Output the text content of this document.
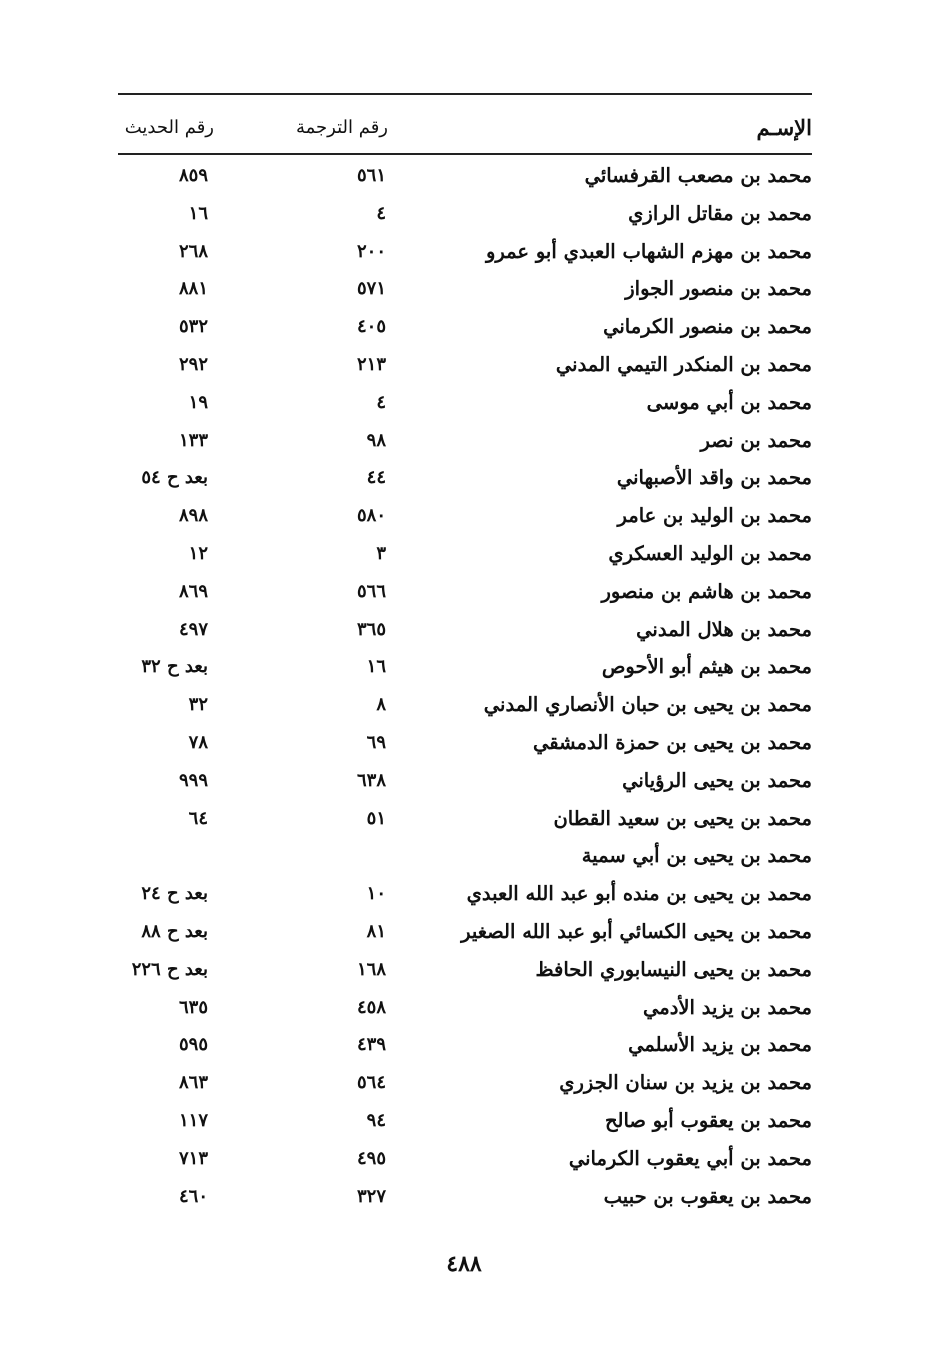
الإسـم
رقم الترجمة
رقم الحديث
محمد بن مصعب القرفسائي
٥٦١
٨٥٩
محمد بن مقاتل الرازي
٤
١٦
محمد بن مهزم الشهاب العبدي أبو عمرو
٢٠٠
٢٦٨
محمد بن منصور الجواز
٥٧١
٨٨١
محمد بن منصور الكرماني
٤٠٥
٥٣٢
محمد بن المنكدر التيمي المدني
٢١٣
٢٩٢
محمد بن أبي موسى
٤
١٩
محمد بن نصر
٩٨
١٣٣
محمد بن واقد الأصبهاني
٤٤
بعد ح ٥٤
محمد بن الوليد بن عامر
٥٨٠
٨٩٨
محمد بن الوليد العسكري
٣
١٢
محمد بن هاشم بن منصور
٥٦٦
٨٦٩
محمد بن هلال المدني
٣٦٥
٤٩٧
محمد بن هيثم أبو الأحوص
١٦
بعد ح ٣٢
محمد بن يحيى بن حبان الأنصاري المدني
٨
٣٢
محمد بن يحيى بن حمزة الدمشقي
٦٩
٧٨
محمد بن يحيى الرؤياني
٦٣٨
٩٩٩
محمد بن يحيى بن سعيد القطان
٥١
٦٤
محمد بن يحيى بن أبي سمية
محمد بن يحيى بن منده أبو عبد الله العبدي
١٠
بعد ح ٢٤
محمد بن يحيى الكسائي أبو عبد الله الصغير
٨١
بعد ح ٨٨
محمد بن يحيى النيسابوري الحافظ
١٦٨
بعد ح ٢٢٦
محمد بن يزيد الأدمي
٤٥٨
٦٣٥
محمد بن يزيد الأسلمي
٤٣٩
٥٩٥
محمد بن يزيد بن سنان الجزري
٥٦٤
٨٦٣
محمد بن يعقوب أبو صالح
٩٤
١١٧
محمد بن أبي يعقوب الكرماني
٤٩٥
٧١٣
محمد بن يعقوب بن حبيب
٣٢٧
٤٦٠
٤٨٨
